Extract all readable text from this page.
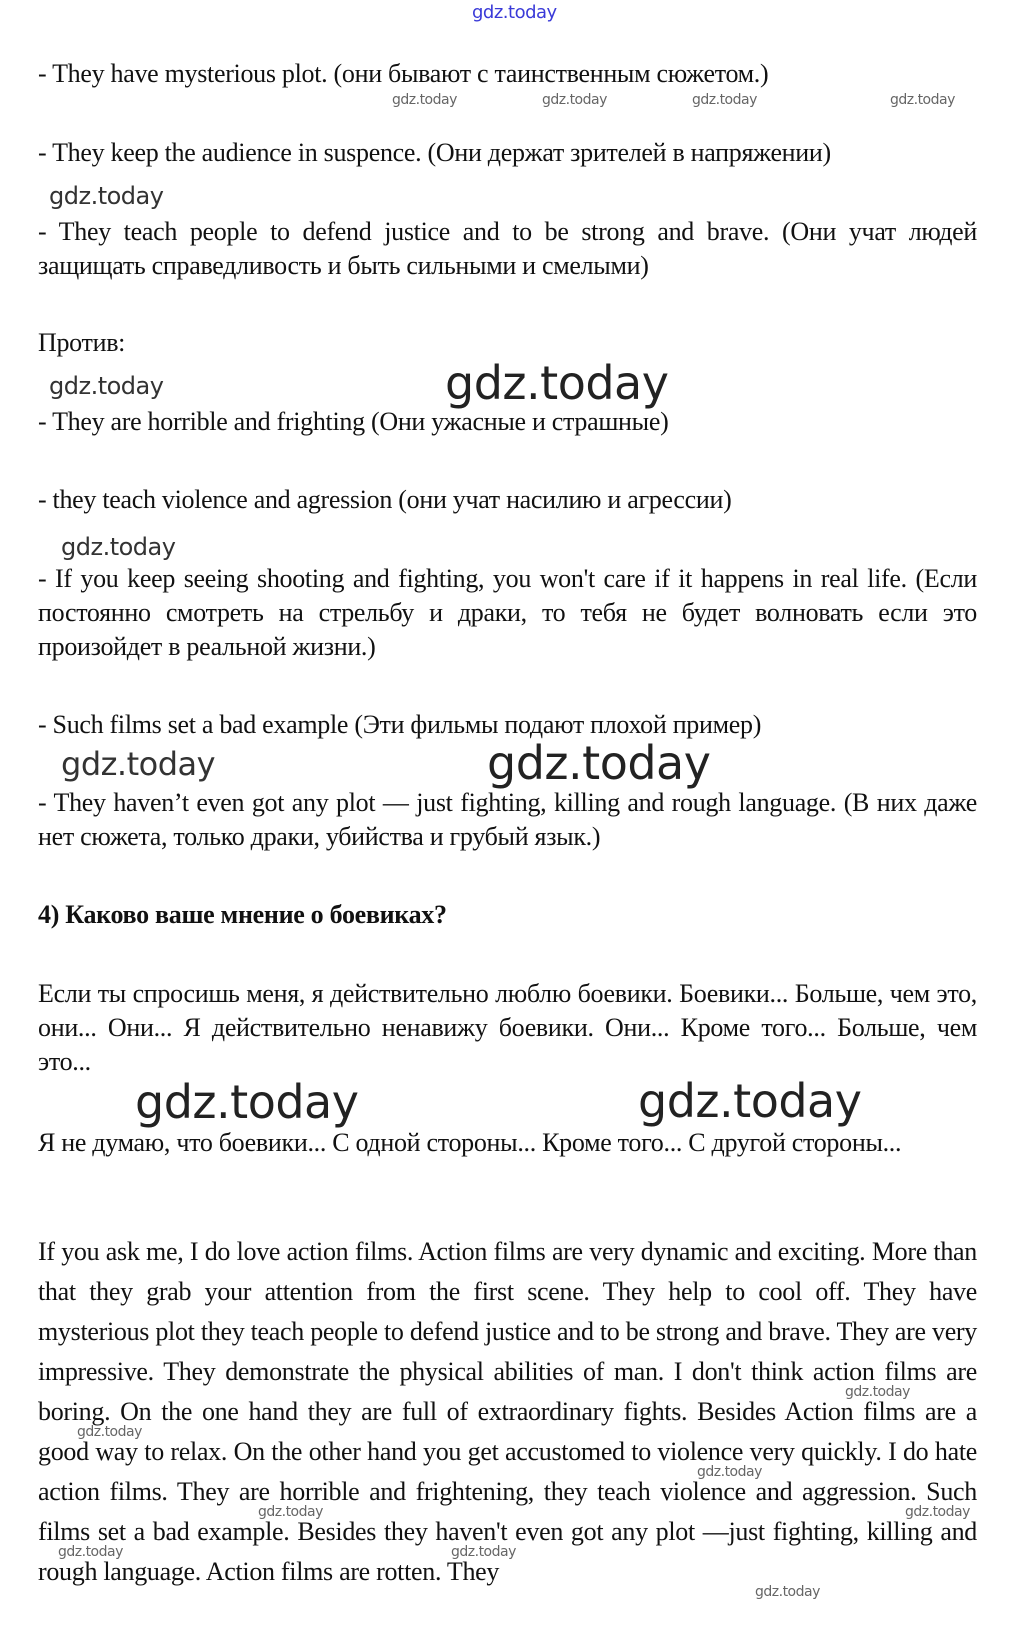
gdz.today
- They have mysterious plot. (они бывают с таинственным сюжетом.)
gdz.today	gdz.today	gdz.today	gdz.today
- They keep the audience in suspence. (Они держат зрителей в напряжении)
gdz.today
- They teach people to defend justice and to be strong and brave. (Они учат людей защищать справедливость и быть сильными и смелыми)
Против:
gdz.today	gdz.today
- They are horrible and frighting (Они ужасные и страшные)
- they teach violence and agression (они учат насилию и агрессии)
gdz.today
- If you keep seeing shooting and fighting, you won't care if it happens in real life. (Если постоянно смотреть на стрельбу и драки, то тебя не будет волновать если это произойдет в реальной жизни.)
- Such films set a bad example (Эти фильмы подают плохой пример)
gdz.today	gdz.today
- They haven’t even got any plot — just fighting, killing and rough language. (В них даже нет сюжета, только драки, убийства и грубый язык.)
4) Каково ваше мнение о боевиках?
Если ты спросишь меня, я действительно люблю боевики. Боевики... Больше, чем это, они... Они... Я действительно ненавижу боевики. Они... Кроме того... Больше, чем это...
gdz.today
gdz.today
Я не думаю, что боевики... С одной стороны... Кроме того... С другой стороны...
If you ask me, I do love action films. Action films are very dynamic and exciting. More than that they grab your attention from the first scene. They help to cool off. They have mysterious plot they teach people to defend justice and to be strong and brave. They are very impressive. They demonstrate the physical abilities of man. I don't think action films are boring. On the one hand they are full of extraordinary fights. Besides Action films are a good way to relax. On the other hand you get accustomed to violence very quickly. I do hate action films. They are horrible and frightening, they teach violence and aggression. Such films set a bad example. Besides they haven't even got any plot —just fighting, killing and rough language. Action films are rotten. They
gdz.today
gdz.today
gdz.today
gdz.today	gdz.today
gdz.today	gdz.today
gdz.today
